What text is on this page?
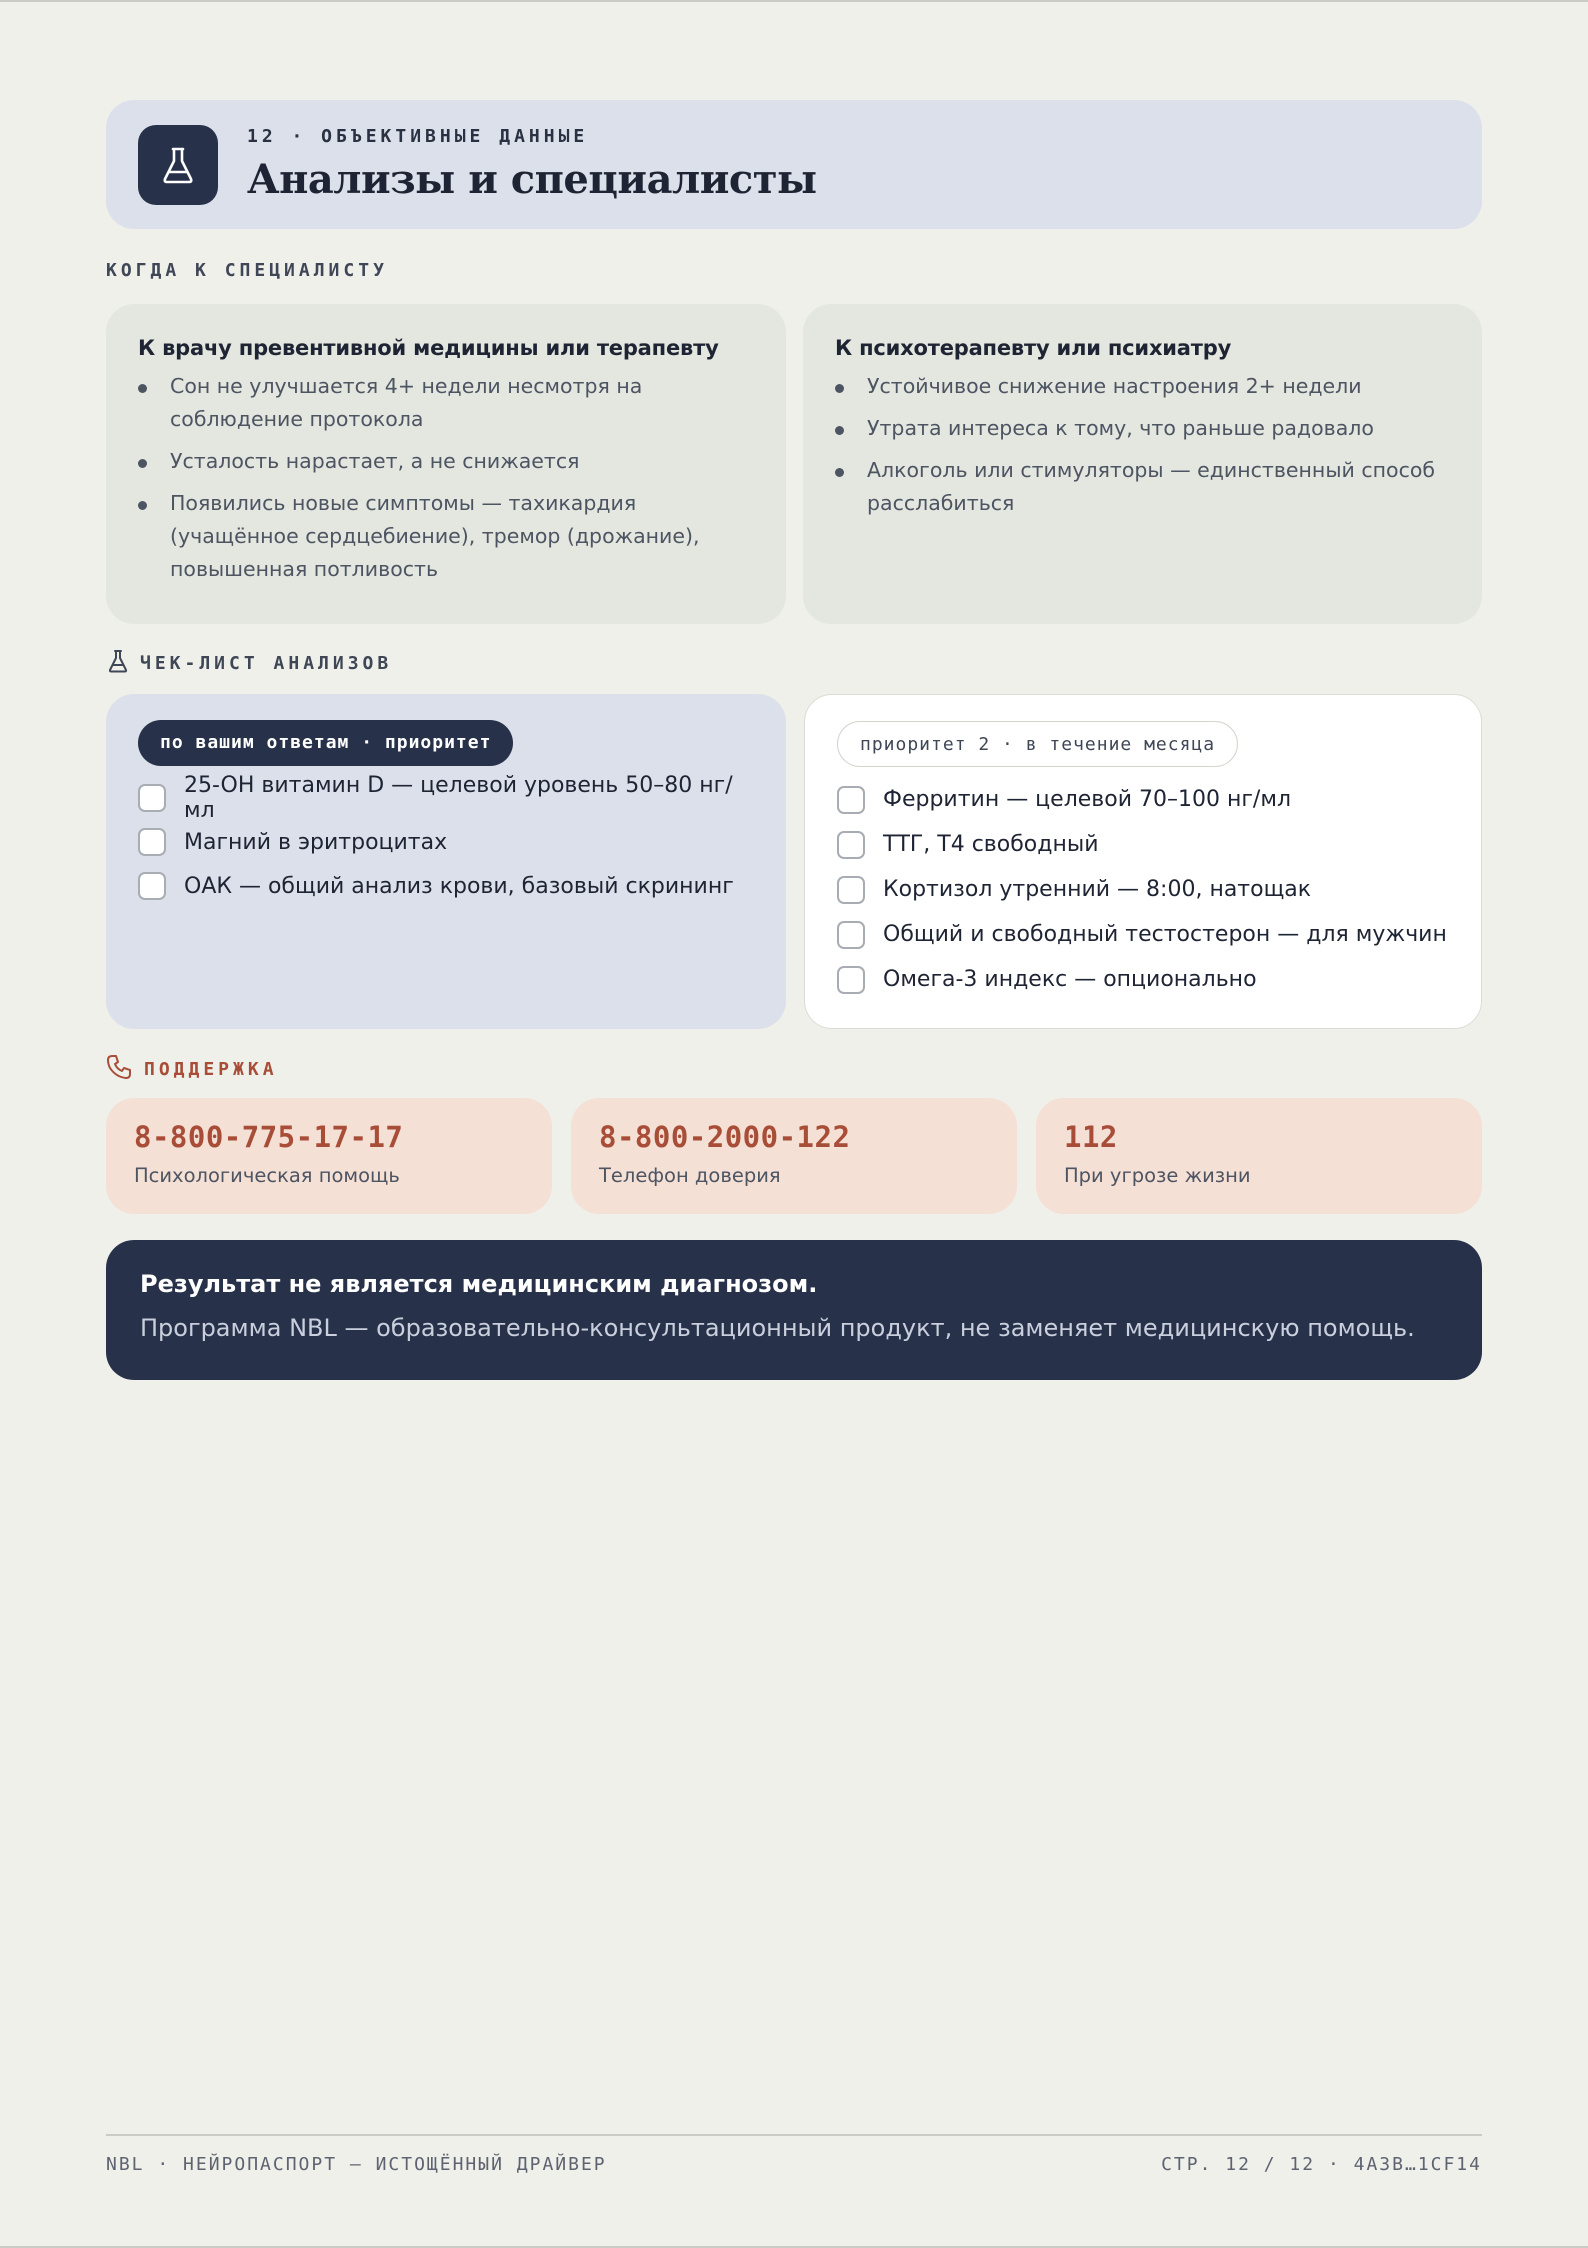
12 · ОБЪЕКТИВНЫЕ ДАННЫЕ
Анализы и специалисты
КОГДА К СПЕЦИАЛИСТУ
К врачу превентивной медицины или терапевту
Сон не улучшается 4+ недели несмотря на соблюдение протокола
Усталость нарастает, а не снижается
Появились новые симптомы — тахикардия (учащённое сердцебиение), тремор (дрожание), повышенная потливость
К психотерапевту или психиатру
Устойчивое снижение настроения 2+ недели
Утрата интереса к тому, что раньше радовало
Алкоголь или стимуляторы — единственный способ расслабиться
ЧЕК-ЛИСТ АНАЛИЗОВ
по вашим ответам · приоритет
25-OH витамин D — целевой уровень 50–80 нг/мл
Магний в эритроцитах
ОАК — общий анализ крови, базовый скрининг
приоритет 2 · в течение месяца
Ферритин — целевой 70–100 нг/мл
ТТГ, Т4 свободный
Кортизол утренний — 8:00, натощак
Общий и свободный тестостерон — для мужчин
Омега-3 индекс — опционально
ПОДДЕРЖКА
8-800-775-17-17
Психологическая помощь
8-800-2000-122
Телефон доверия
112
При угрозе жизни
Результат не является медицинским диагнозом.
Программа NBL — образовательно-консультационный продукт, не заменяет медицинскую помощь.
NBL · НЕЙРОПАСПОРТ — ИСТОЩЁННЫЙ ДРАЙВЕР	СТР. 12 / 12 · 4A3B…1CF14
